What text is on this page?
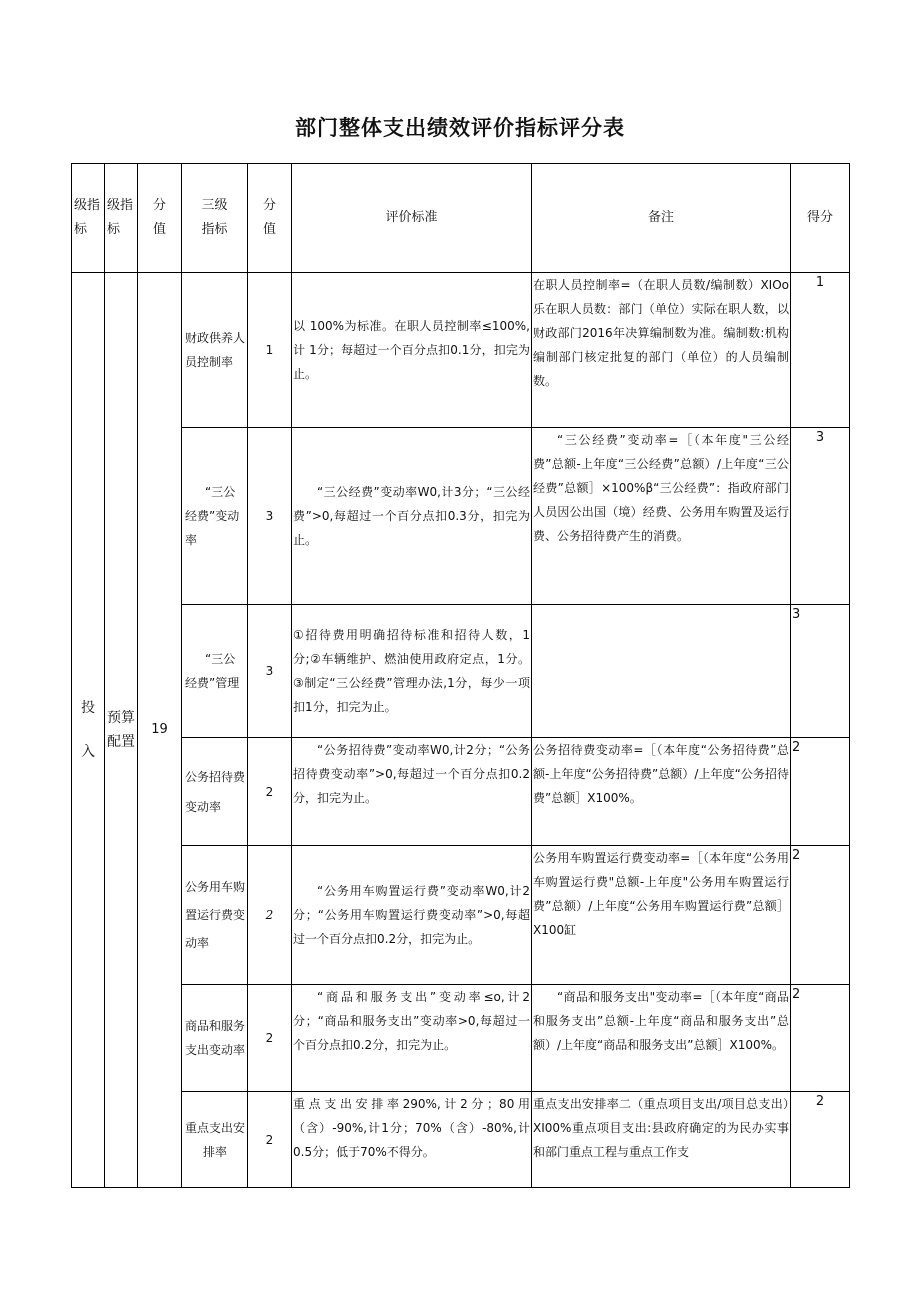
部门整体支出绩效评价指标评分表
级指标	级指标	分值	三级指标	分值	评价标准	备注	得分
投入	预算配置	19	财政供养人员控制率	1	以 100%为标准。在职人员控制率≤100%,计 1分；每超过一个百分点扣0.1分，扣完为止。	在职人员控制率=（在职人员数/编制数）XIOo乐在职人员数：部门（单位）实际在职人数，以财政部门2016年决算编制数为准。编制数:机构编制部门核定批复的部门（单位）的人员编制数。	1
			“三公经费”变动率	3	“三公经费”变动率W0,计3分；“三公经费”>0,每超过一个百分点扣0.3分，扣完为止。	“三公经费”变动率=［（本年度"三公经费”总额-上年度“三公经费”总额）/上年度“三公经费”总额］×100%β“三公经费”：指政府部门人员因公出国（境）经费、公务用车购置及运行费、公务招待费产生的消费。	3
			“三公经费”管理	3	①招待费用明确招待标准和招待人数，1分;②车辆维护、燃油使用政府定点，1分。③制定“三公经费”管理办法,1分，每少一项扣1分，扣完为止。		3
			公务招待费变动率	2	“公务招待费”变动率W0,计2分；“公务招待费变动率”>0,每超过一个百分点扣0.2分，扣完为止。	公务招待费变动率=［（本年度“公务招待费”总额-上年度“公务招待费”总额）/上年度“公务招待费”总额］X100%。	2
			公务用车购置运行费变动率	2	“公务用车购置运行费”变动率W0,计2分；“公务用车购置运行费变动率”>0,每超过一个百分点扣0.2分，扣完为止。	公务用车购置运行费变动率=［（本年度“公务用车购置运行费"总额-上年度"公务用车购置运行费”总额）/上年度“公务用车购置运行费”总额］X100缸	2
			商品和服务支出变动率	2	“商品和服务支出”变动率≤o,计2分；“商品和服务支出”变动率>0,每超过一个百分点扣0.2分，扣完为止。	“商品和服务支出"变动率=［（本年度“商品和服务支出”总额-上年度“商品和服务支出”总额）/上年度“商品和服务支出”总额］X100%。	2
			重点支出安排率	2	重点支出安排率290%,计2分；80用（含）-90%,计1分；70%（含）-80%,计0.5分；低于70%不得分。	重点支出安排率二（重点项目支出/项目总支出）XI00%重点项目支出:县政府确定的为民办实事和部门重点工程与重点工作支	2
